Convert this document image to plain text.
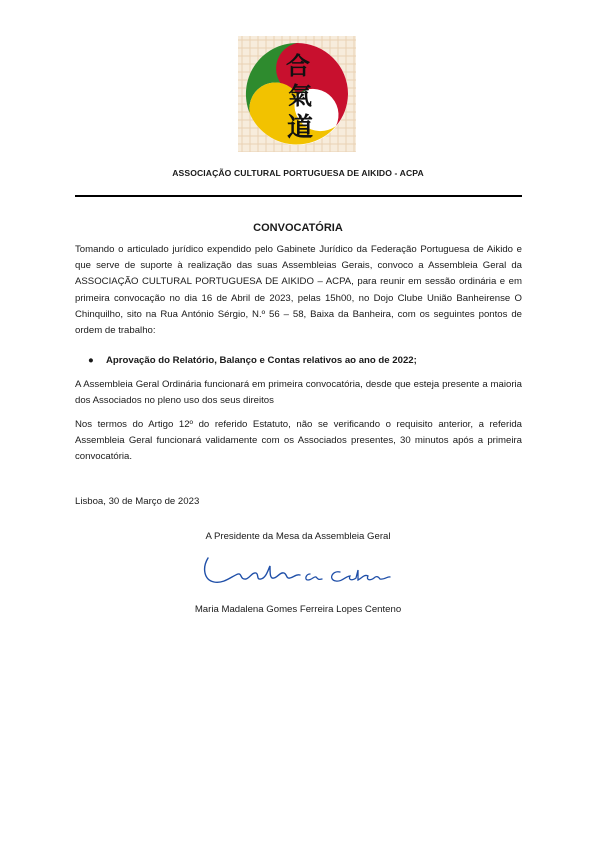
合
氣
道
ASSOCIAÇÃO CULTURAL PORTUGUESA DE AIKIDO - ACPA
CONVOCATÓRIA

Tomando o articulado jurídico expendido pelo Gabinete Jurídico da Federação Portuguesa de Aikido e que serve de suporte à realização das suas Assembleias Gerais, convoco a Assembleia Geral da ASSOCIAÇÃO CULTURAL PORTUGUESA DE AIKIDO – ACPA, para reunir em sessão ordinária e em primeira convocação no dia 16 de Abril de 2023, pelas 15h00, no Dojo Clube União Banheirense O Chinquilho, sito na Rua António Sérgio, N.º 56 – 58, Baixa da Banheira, com os seguintes pontos de ordem de trabalho:

● Aprovação do Relatório, Balanço e Contas relativos ao ano de 2022;

A Assembleia Geral Ordinária funcionará em primeira convocatória, desde que esteja presente a maioria dos Associados no pleno uso dos seus direitos

Nos termos do Artigo 12º do referido Estatuto, não se verificando o requisito anterior, a referida Assembleia Geral funcionará validamente com os Associados presentes, 30 minutos após a primeira convocatória.

Lisboa, 30 de Março de 2023
A Presidente da Mesa da Assembleia Geral
Maria Madalena Gomes Ferreira Lopes Centeno
